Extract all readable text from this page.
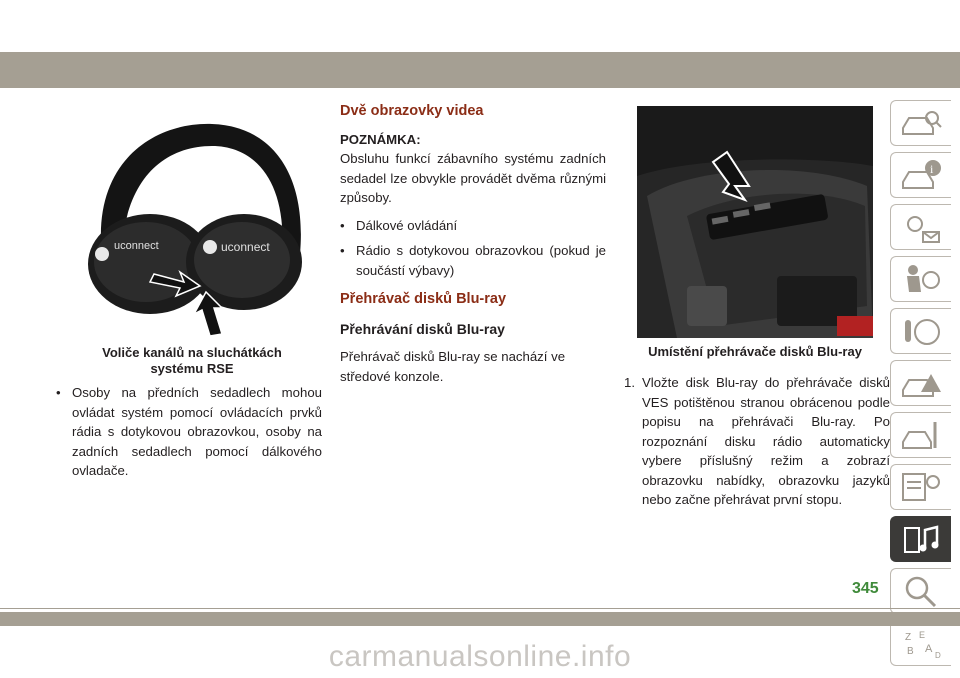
uconnect	uconnect
Voliče kanálů na sluchátkách
systému RSE
• Osoby na předních sedadlech mohou ovládat systém pomocí ovládacích prvků rádia s dotykovou obrazovkou, osoby na zadních sedadlech pomocí dálkového ovladače.
Dvě obrazovky videa
POZNÁMKA:
Obsluhu funkcí zábavního systému zadních sedadel lze obvykle provádět dvěma různými způsoby.
• Dálkové ovládání
• Rádio s dotykovou obrazovkou (pokud je součástí výbavy)
Přehrávač disků Blu-ray
Přehrávání disků Blu-ray
Přehrávač disků Blu-ray se nachází ve středové konzole.
Umístění přehrávače disků Blu-ray
1. Vložte disk Blu-ray do přehrávače disků VES potištěnou stranou obrácenou podle popisu na přehrávači Blu-ray. Po rozpoznání disku rádio automaticky vybere příslušný režim a zobrazí obrazovku nabídky, obrazovku jazyků nebo začne přehrávat první stopu.
i
Z E
B A
D
345
carmanualsonline.info
